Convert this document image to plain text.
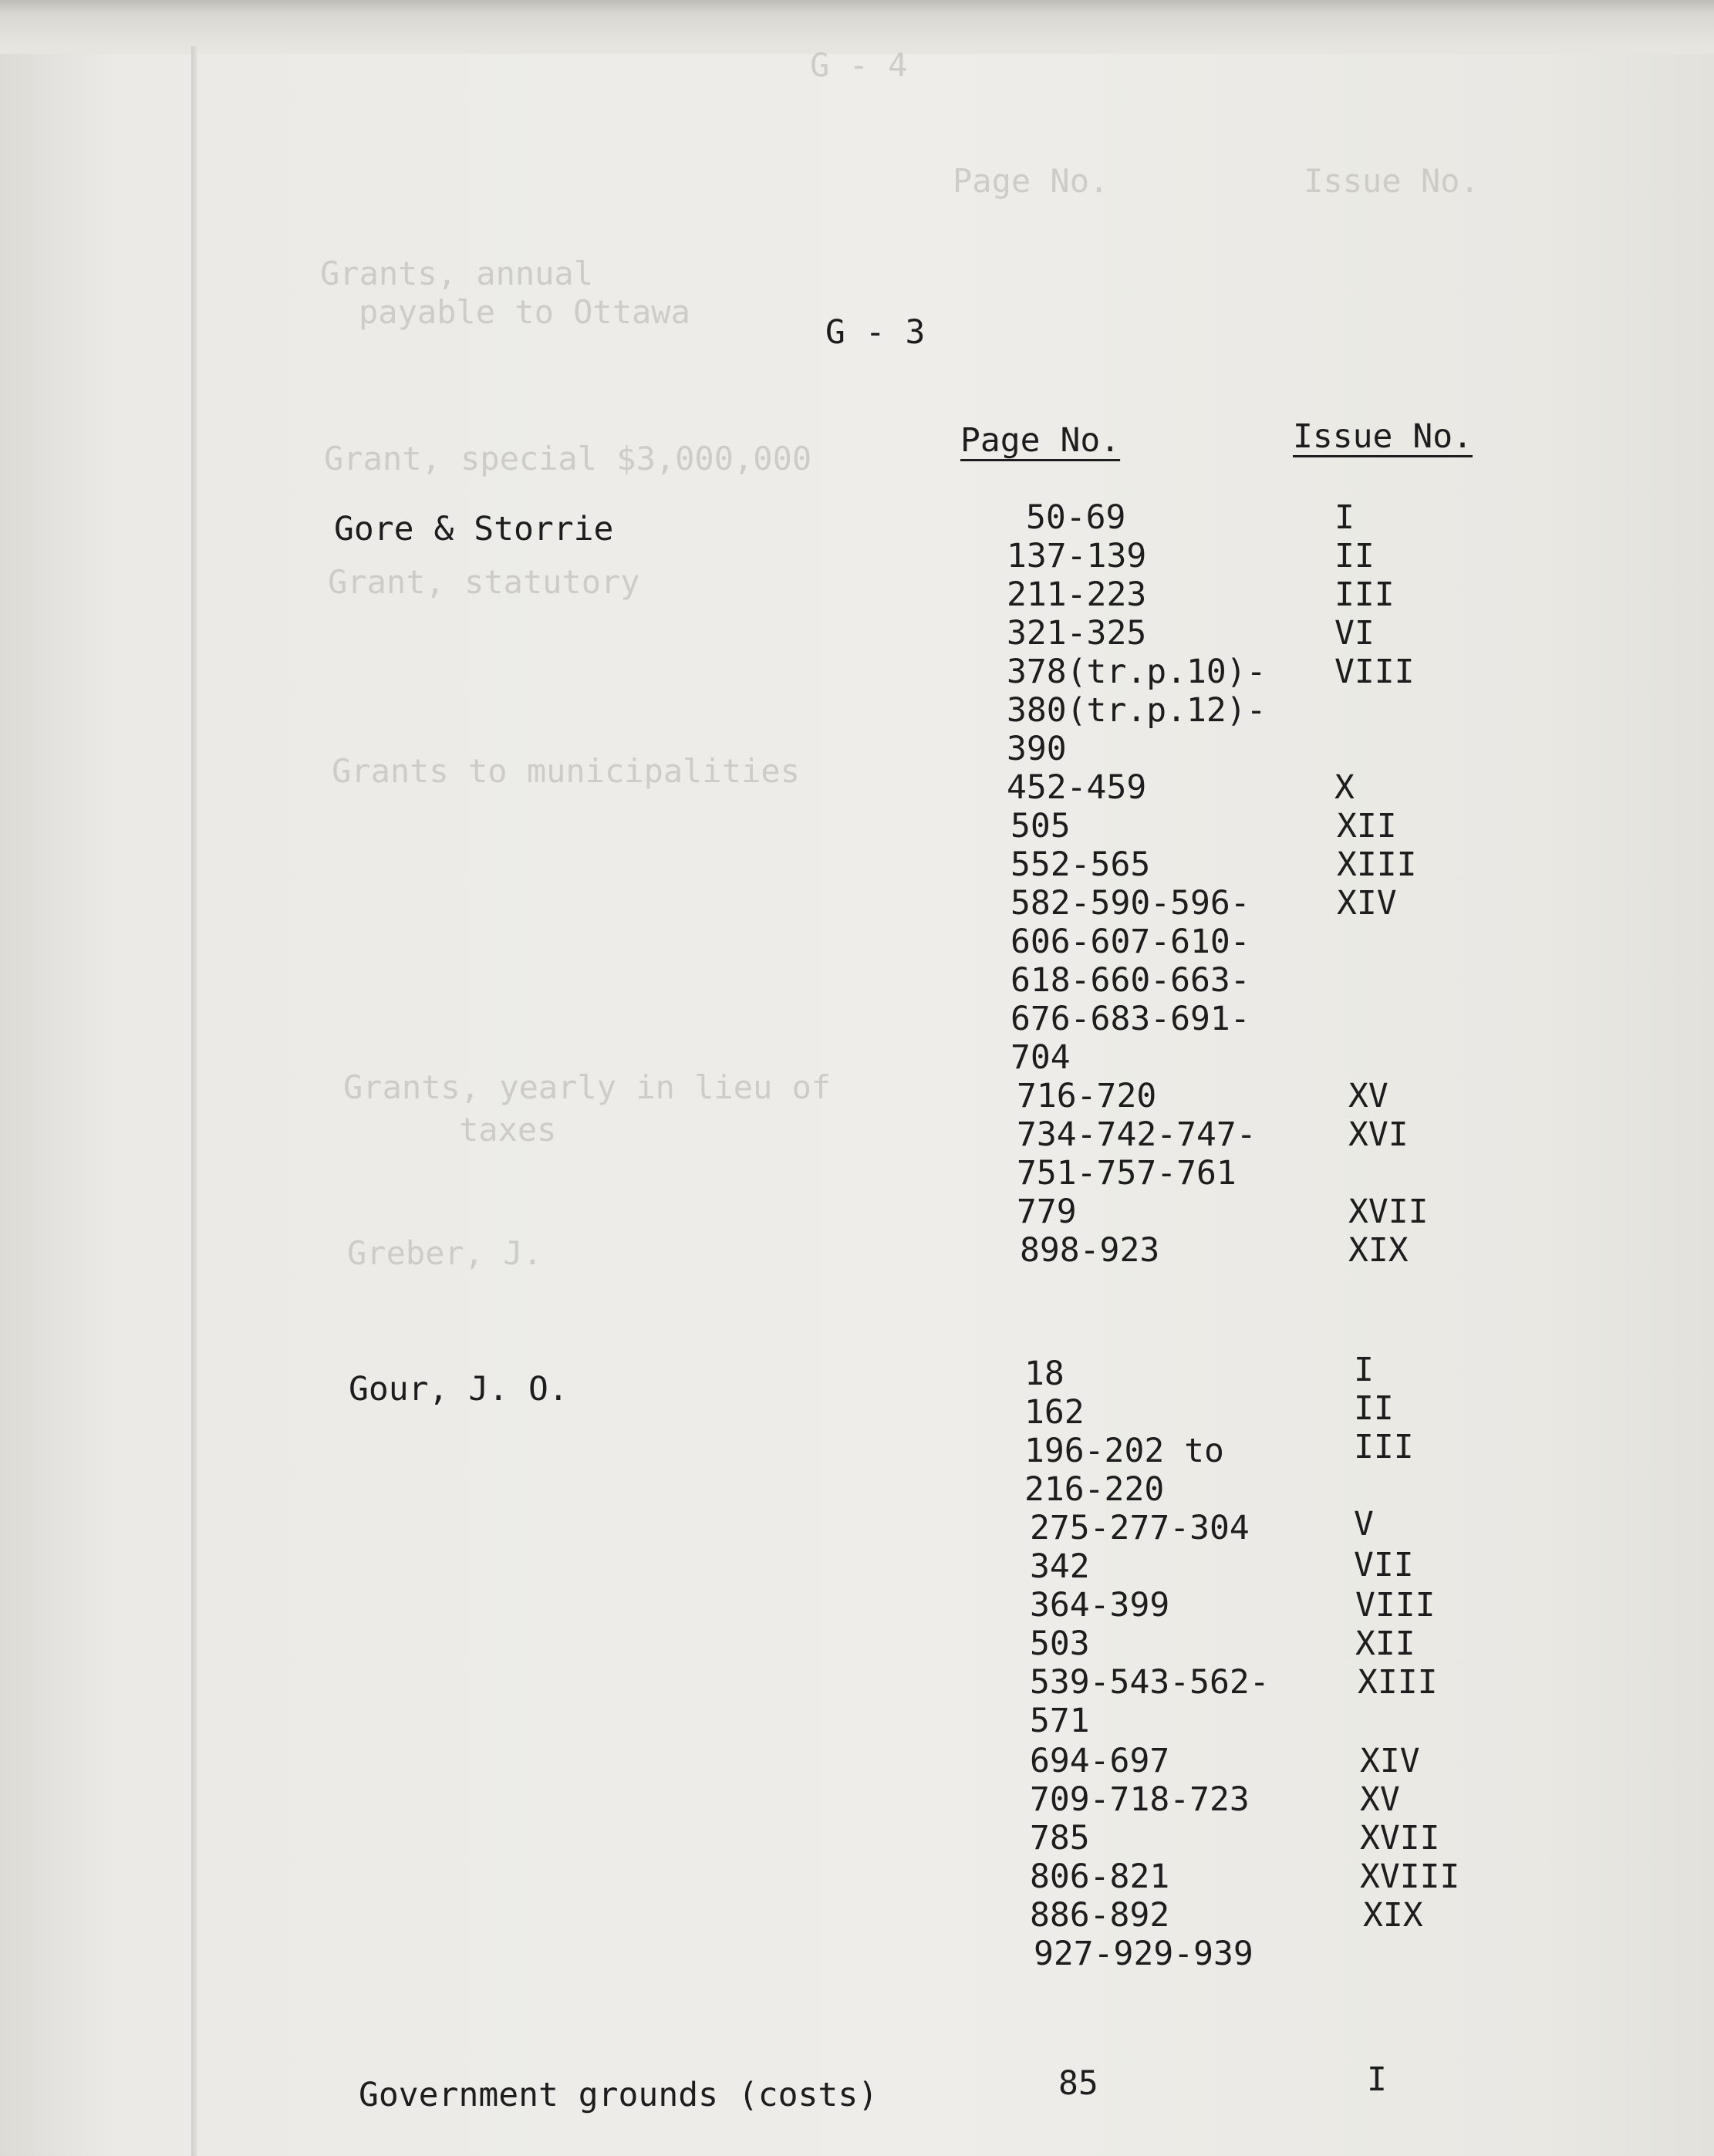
G - 4
Page No.          Issue No.
Grants, annual
payable to Ottawa
Grant, special $3,000,000
Grant, statutory
Grants to municipalities
Grants, yearly in lieu of
taxes
Greber, J.
G - 3
Page No.	Issue No.
Gore & Storrie	50-69	I
137-139	II
211-223	III
321-325	VI
378(tr.p.10)- VIII
380(tr.p.12)-
390
452-459	X
505	XII
552-565	XIII
582-590-596-	XIV
606-607-610-
618-660-663-
676-683-691-
704
716-720	XV
734-742-747-	XVI
751-757-761
779	XVII
898-923	XIX
Gour, J. O.	18	I
162	II
196-202 to	III
216-220
275-277-304	V
342	VII
364-399	VIII
503	XII
539-543-562-	XIII
571
694-697	XIV
709-718-723	XV
785	XVII
806-821	XVIII
886-892	XIX
927-929-939
Government grounds (costs)	85	I
